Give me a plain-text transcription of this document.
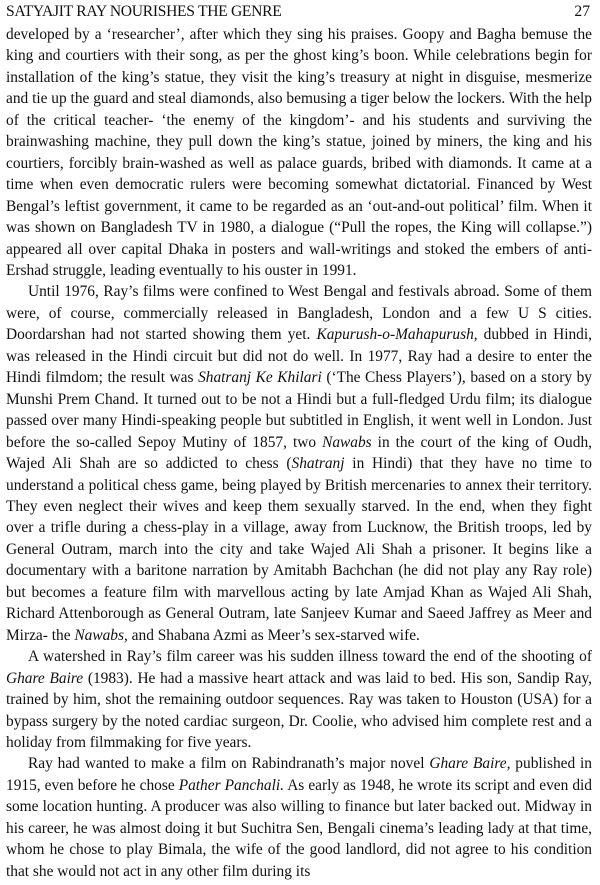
SATYAJIT RAY NOURISHES THE GENRE	27

developed by a ‘researcher’, after which they sing his praises. Goopy and Bagha bemuse the king and courtiers with their song, as per the ghost king’s boon. While celebrations begin for installation of the king’s statue, they visit the king’s treasury at night in disguise, mesmerize and tie up the guard and steal diamonds, also bemusing a tiger below the lockers. With the help of the critical teacher- ‘the enemy of the kingdom’- and his students and surviving the brainwashing machine, they pull down the king’s statue, joined by miners, the king and his courtiers, forcibly brain-washed as well as palace guards, bribed with diamonds. It came at a time when even democratic rulers were becoming somewhat dictatorial. Financed by West Bengal’s leftist government, it came to be regarded as an ‘out-and-out political’ film. When it was shown on Bangladesh TV in 1980, a dialogue (“Pull the ropes, the King will collapse.”) appeared all over capital Dhaka in posters and wall-writings and stoked the embers of anti-Ershad struggle, leading eventually to his ouster in 1991.

Until 1976, Ray’s films were confined to West Bengal and festivals abroad. Some of them were, of course, commercially released in Bangladesh, London and a few U S cities. Doordarshan had not started showing them yet. Kapurush-o-Mahapurush, dubbed in Hindi, was released in the Hindi circuit but did not do well. In 1977, Ray had a desire to enter the Hindi filmdom; the result was Shatranj Ke Khilari (‘The Chess Players’), based on a story by Munshi Prem Chand. It turned out to be not a Hindi but a full-fledged Urdu film; its dialogue passed over many Hindi-speaking people but subtitled in English, it went well in London. Just before the so-called Sepoy Mutiny of 1857, two Nawabs in the court of the king of Oudh, Wajed Ali Shah are so addicted to chess (Shatranj in Hindi) that they have no time to understand a political chess game, being played by British mercenaries to annex their territory. They even neglect their wives and keep them sexually starved. In the end, when they fight over a trifle during a chess-play in a village, away from Lucknow, the British troops, led by General Outram, march into the city and take Wajed Ali Shah a prisoner. It begins like a documentary with a baritone narration by Amitabh Bachchan (he did not play any Ray role) but becomes a feature film with marvellous acting by late Amjad Khan as Wajed Ali Shah, Richard Attenborough as General Outram, late Sanjeev Kumar and Saeed Jaffrey as Meer and Mirza- the Nawabs, and Shabana Azmi as Meer’s sex-starved wife.

A watershed in Ray’s film career was his sudden illness toward the end of the shooting of Ghare Baire (1983). He had a massive heart attack and was laid to bed. His son, Sandip Ray, trained by him, shot the remaining outdoor sequences. Ray was taken to Houston (USA) for a bypass surgery by the noted cardiac surgeon, Dr. Coolie, who advised him complete rest and a holiday from filmmaking for five years.

Ray had wanted to make a film on Rabindranath’s major novel Ghare Baire, published in 1915, even before he chose Pather Panchali. As early as 1948, he wrote its script and even did some location hunting. A producer was also willing to finance but later backed out. Midway in his career, he was almost doing it but Suchitra Sen, Bengali cinema’s leading lady at that time, whom he chose to play Bimala, the wife of the good landlord, did not agree to his condition that she would not act in any other film during its
